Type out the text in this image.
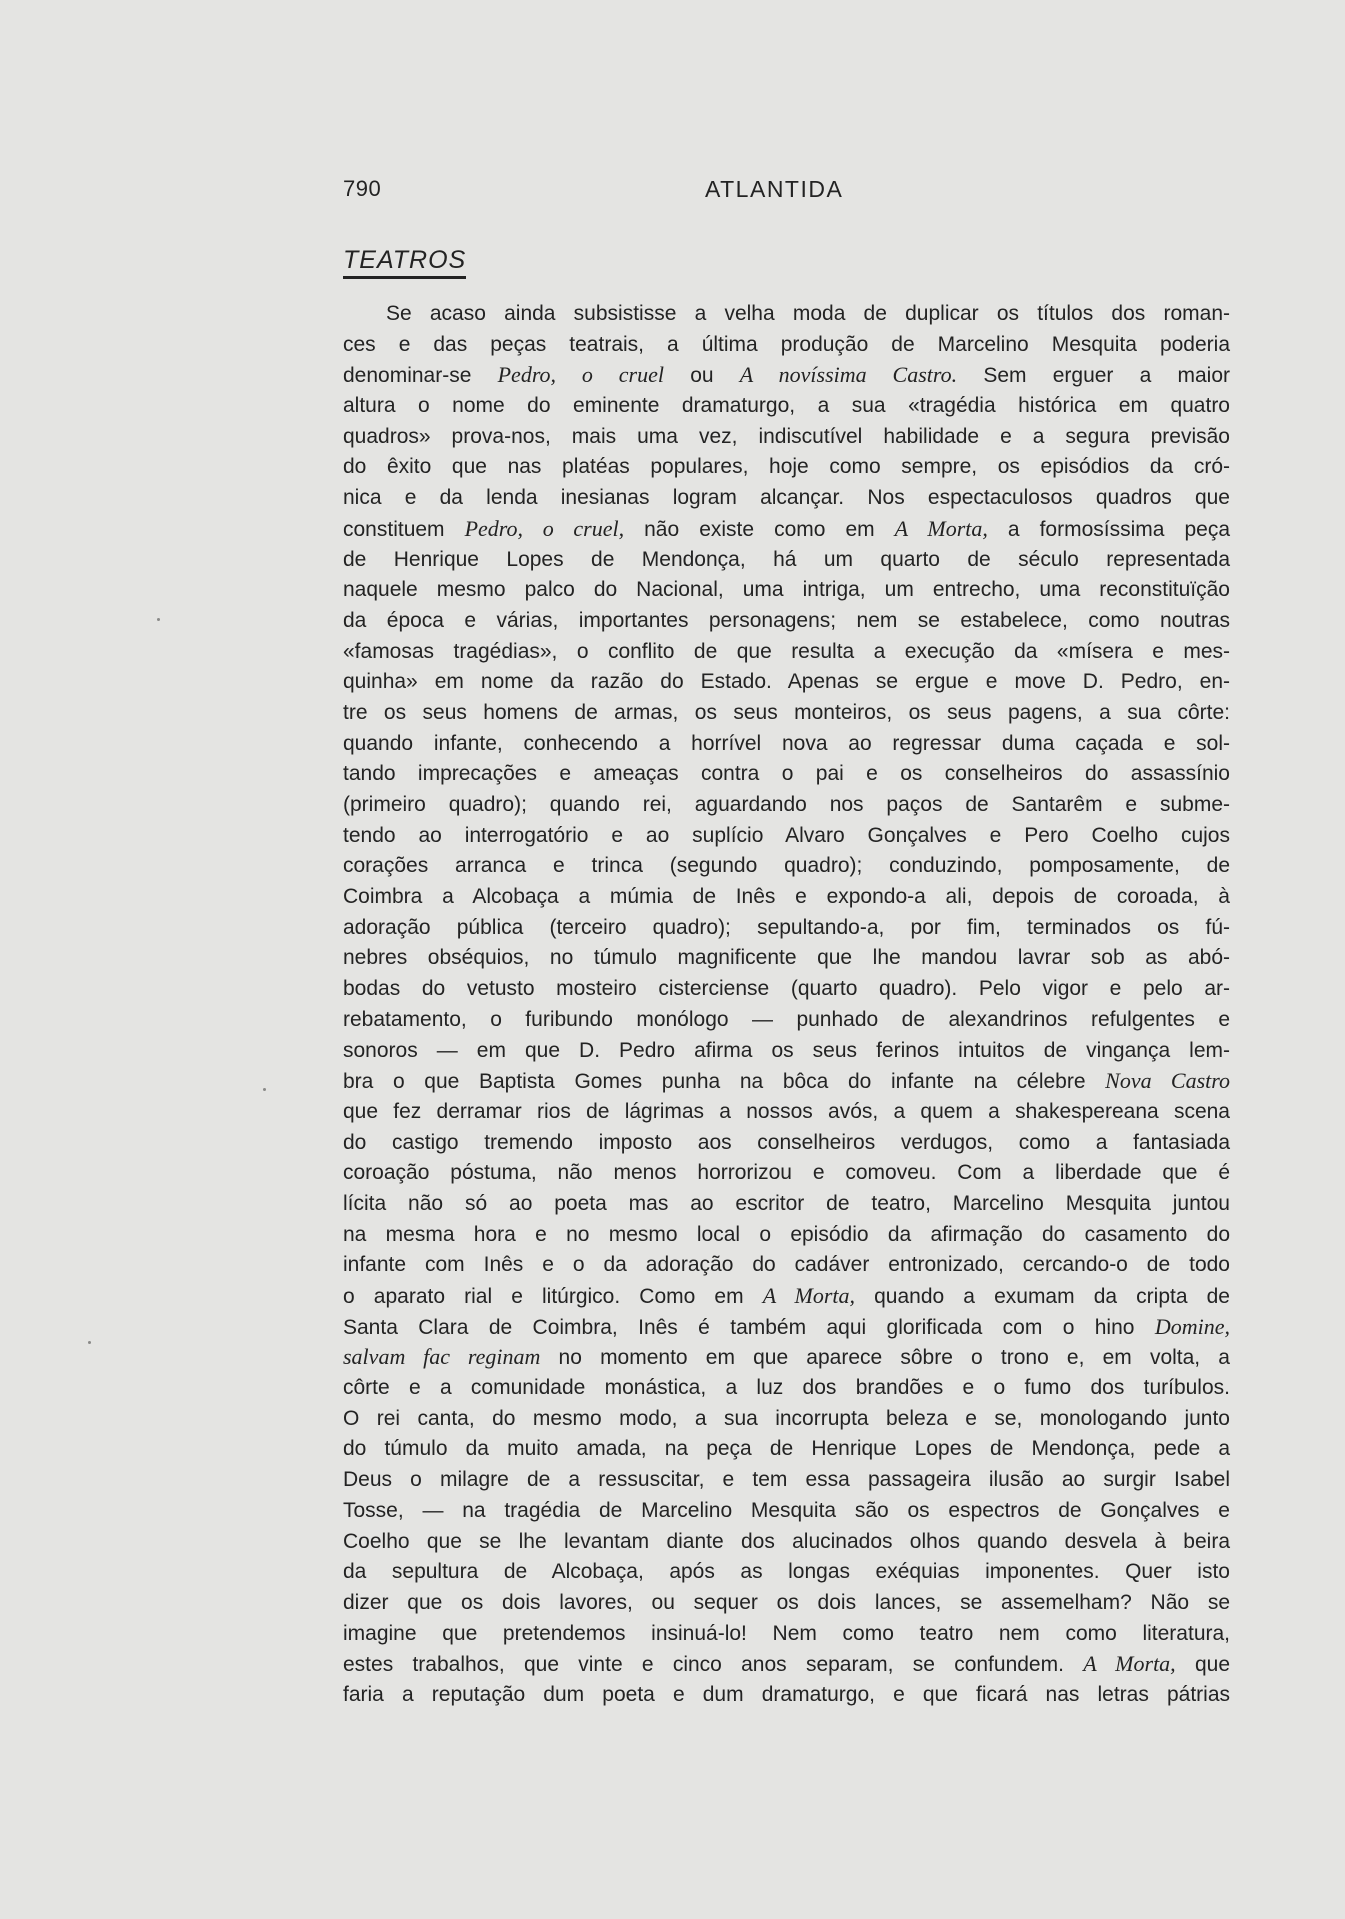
790	ATLANTIDA
TEATROS
Se acaso ainda subsistisse a velha moda de duplicar os títulos dos roman-
ces e das peças teatrais, a última produção de Marcelino Mesquita poderia
denominar-se Pedro, o cruel ou A novíssima Castro. Sem erguer a maior
altura o nome do eminente dramaturgo, a sua «tragédia histórica em quatro
quadros» prova-nos, mais uma vez, indiscutível habilidade e a segura previsão
do êxito que nas platéas populares, hoje como sempre, os episódios da cró-
nica e da lenda inesianas logram alcançar. Nos espectaculosos quadros que
constituem Pedro, o cruel, não existe como em A Morta, a formosíssima peça
de Henrique Lopes de Mendonça, há um quarto de século representada
naquele mesmo palco do Nacional, uma intriga, um entrecho, uma reconstituïção
da época e várias, importantes personagens; nem se estabelece, como noutras
«famosas tragédias», o conflito de que resulta a execução da «mísera e mes-
quinha» em nome da razão do Estado. Apenas se ergue e move D. Pedro, en-
tre os seus homens de armas, os seus monteiros, os seus pagens, a sua côrte:
quando infante, conhecendo a horrível nova ao regressar duma caçada e sol-
tando imprecações e ameaças contra o pai e os conselheiros do assassínio
(primeiro quadro); quando rei, aguardando nos paços de Santarêm e subme-
tendo ao interrogatório e ao suplício Alvaro Gonçalves e Pero Coelho cujos
corações arranca e trinca (segundo quadro); conduzindo, pomposamente, de
Coimbra a Alcobaça a múmia de Inês e expondo-a ali, depois de coroada, à
adoração pública (terceiro quadro); sepultando-a, por fim, terminados os fú-
nebres obséquios, no túmulo magnificente que lhe mandou lavrar sob as abó-
bodas do vetusto mosteiro cisterciense (quarto quadro). Pelo vigor e pelo ar-
rebatamento, o furibundo monólogo — punhado de alexandrinos refulgentes e
sonoros — em que D. Pedro afirma os seus ferinos intuitos de vingança lem-
bra o que Baptista Gomes punha na bôca do infante na célebre Nova Castro
que fez derramar rios de lágrimas a nossos avós, a quem a shakespereana scena
do castigo tremendo imposto aos conselheiros verdugos, como a fantasiada
coroação póstuma, não menos horrorizou e comoveu. Com a liberdade que é
lícita não só ao poeta mas ao escritor de teatro, Marcelino Mesquita juntou
na mesma hora e no mesmo local o episódio da afirmação do casamento do
infante com Inês e o da adoração do cadáver entronizado, cercando-o de todo
o aparato rial e litúrgico. Como em A Morta, quando a exumam da cripta de
Santa Clara de Coimbra, Inês é também aqui glorificada com o hino Domine,
salvam fac reginam no momento em que aparece sôbre o trono e, em volta, a
côrte e a comunidade monástica, a luz dos brandões e o fumo dos turíbulos.
O rei canta, do mesmo modo, a sua incorrupta beleza e se, monologando junto
do túmulo da muito amada, na peça de Henrique Lopes de Mendonça, pede a
Deus o milagre de a ressuscitar, e tem essa passageira ilusão ao surgir Isabel
Tosse, — na tragédia de Marcelino Mesquita são os espectros de Gonçalves e
Coelho que se lhe levantam diante dos alucinados olhos quando desvela à beira
da sepultura de Alcobaça, após as longas exéquias imponentes. Quer isto
dizer que os dois lavores, ou sequer os dois lances, se assemelham? Não se
imagine que pretendemos insinuá-lo! Nem como teatro nem como literatura,
estes trabalhos, que vinte e cinco anos separam, se confundem. A Morta, que
faria a reputação dum poeta e dum dramaturgo, e que ficará nas letras pátrias
